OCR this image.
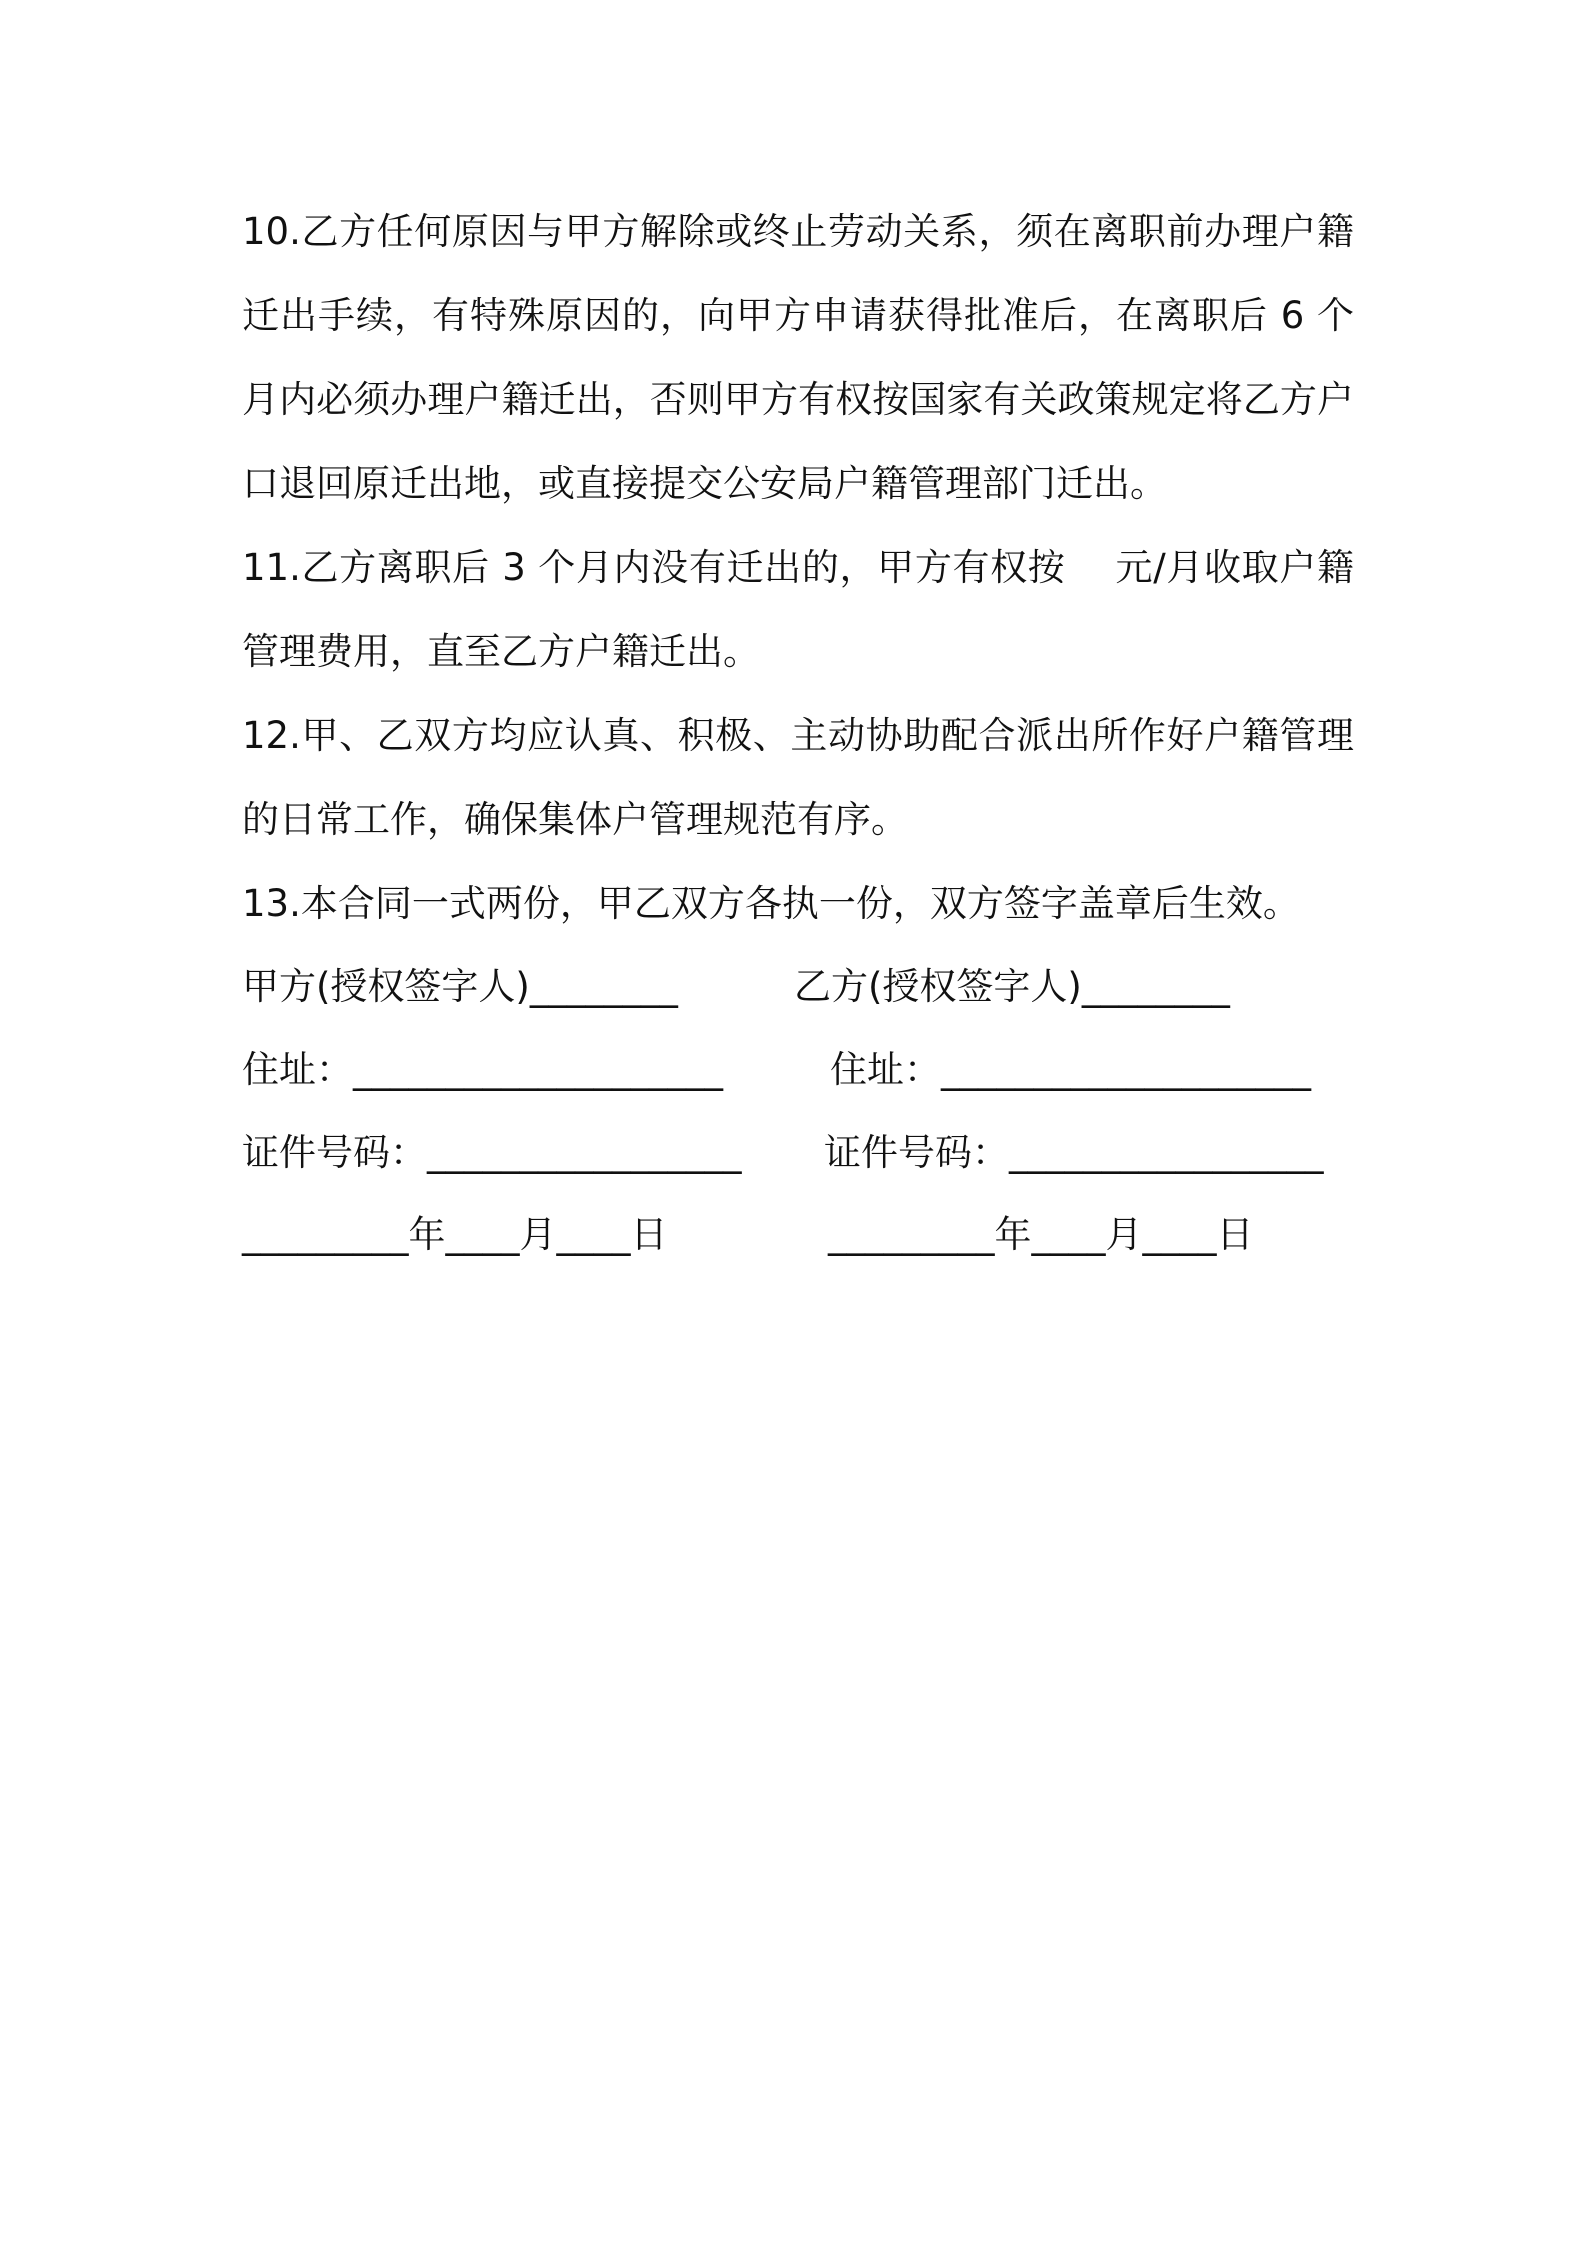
10.乙方任何原因与甲方解除或终止劳动关系，须在离职前办理户籍迁出手续，有特殊原因的，向甲方申请获得批准后，在离职后 6 个月内必须办理户籍迁出，否则甲方有权按国家有关政策规定将乙方户口退回原迁出地，或直接提交公安局户籍管理部门迁出。

11.乙方离职后 3 个月内没有迁出的，甲方有权按　 元/月收取户籍管理费用，直至乙方户籍迁出。

12.甲、乙双方均应认真、积极、主动协助配合派出所作好户籍管理的日常工作，确保集体户管理规范有序。

13.本合同一式两份，甲乙双方各执一份，双方签字盖章后生效。

甲方(授权签字人)________	乙方(授权签字人)________
住址：____________________	住址：____________________
证件号码：_________________ 证件号码：_________________
_________年____月____日	_________年____月____日
